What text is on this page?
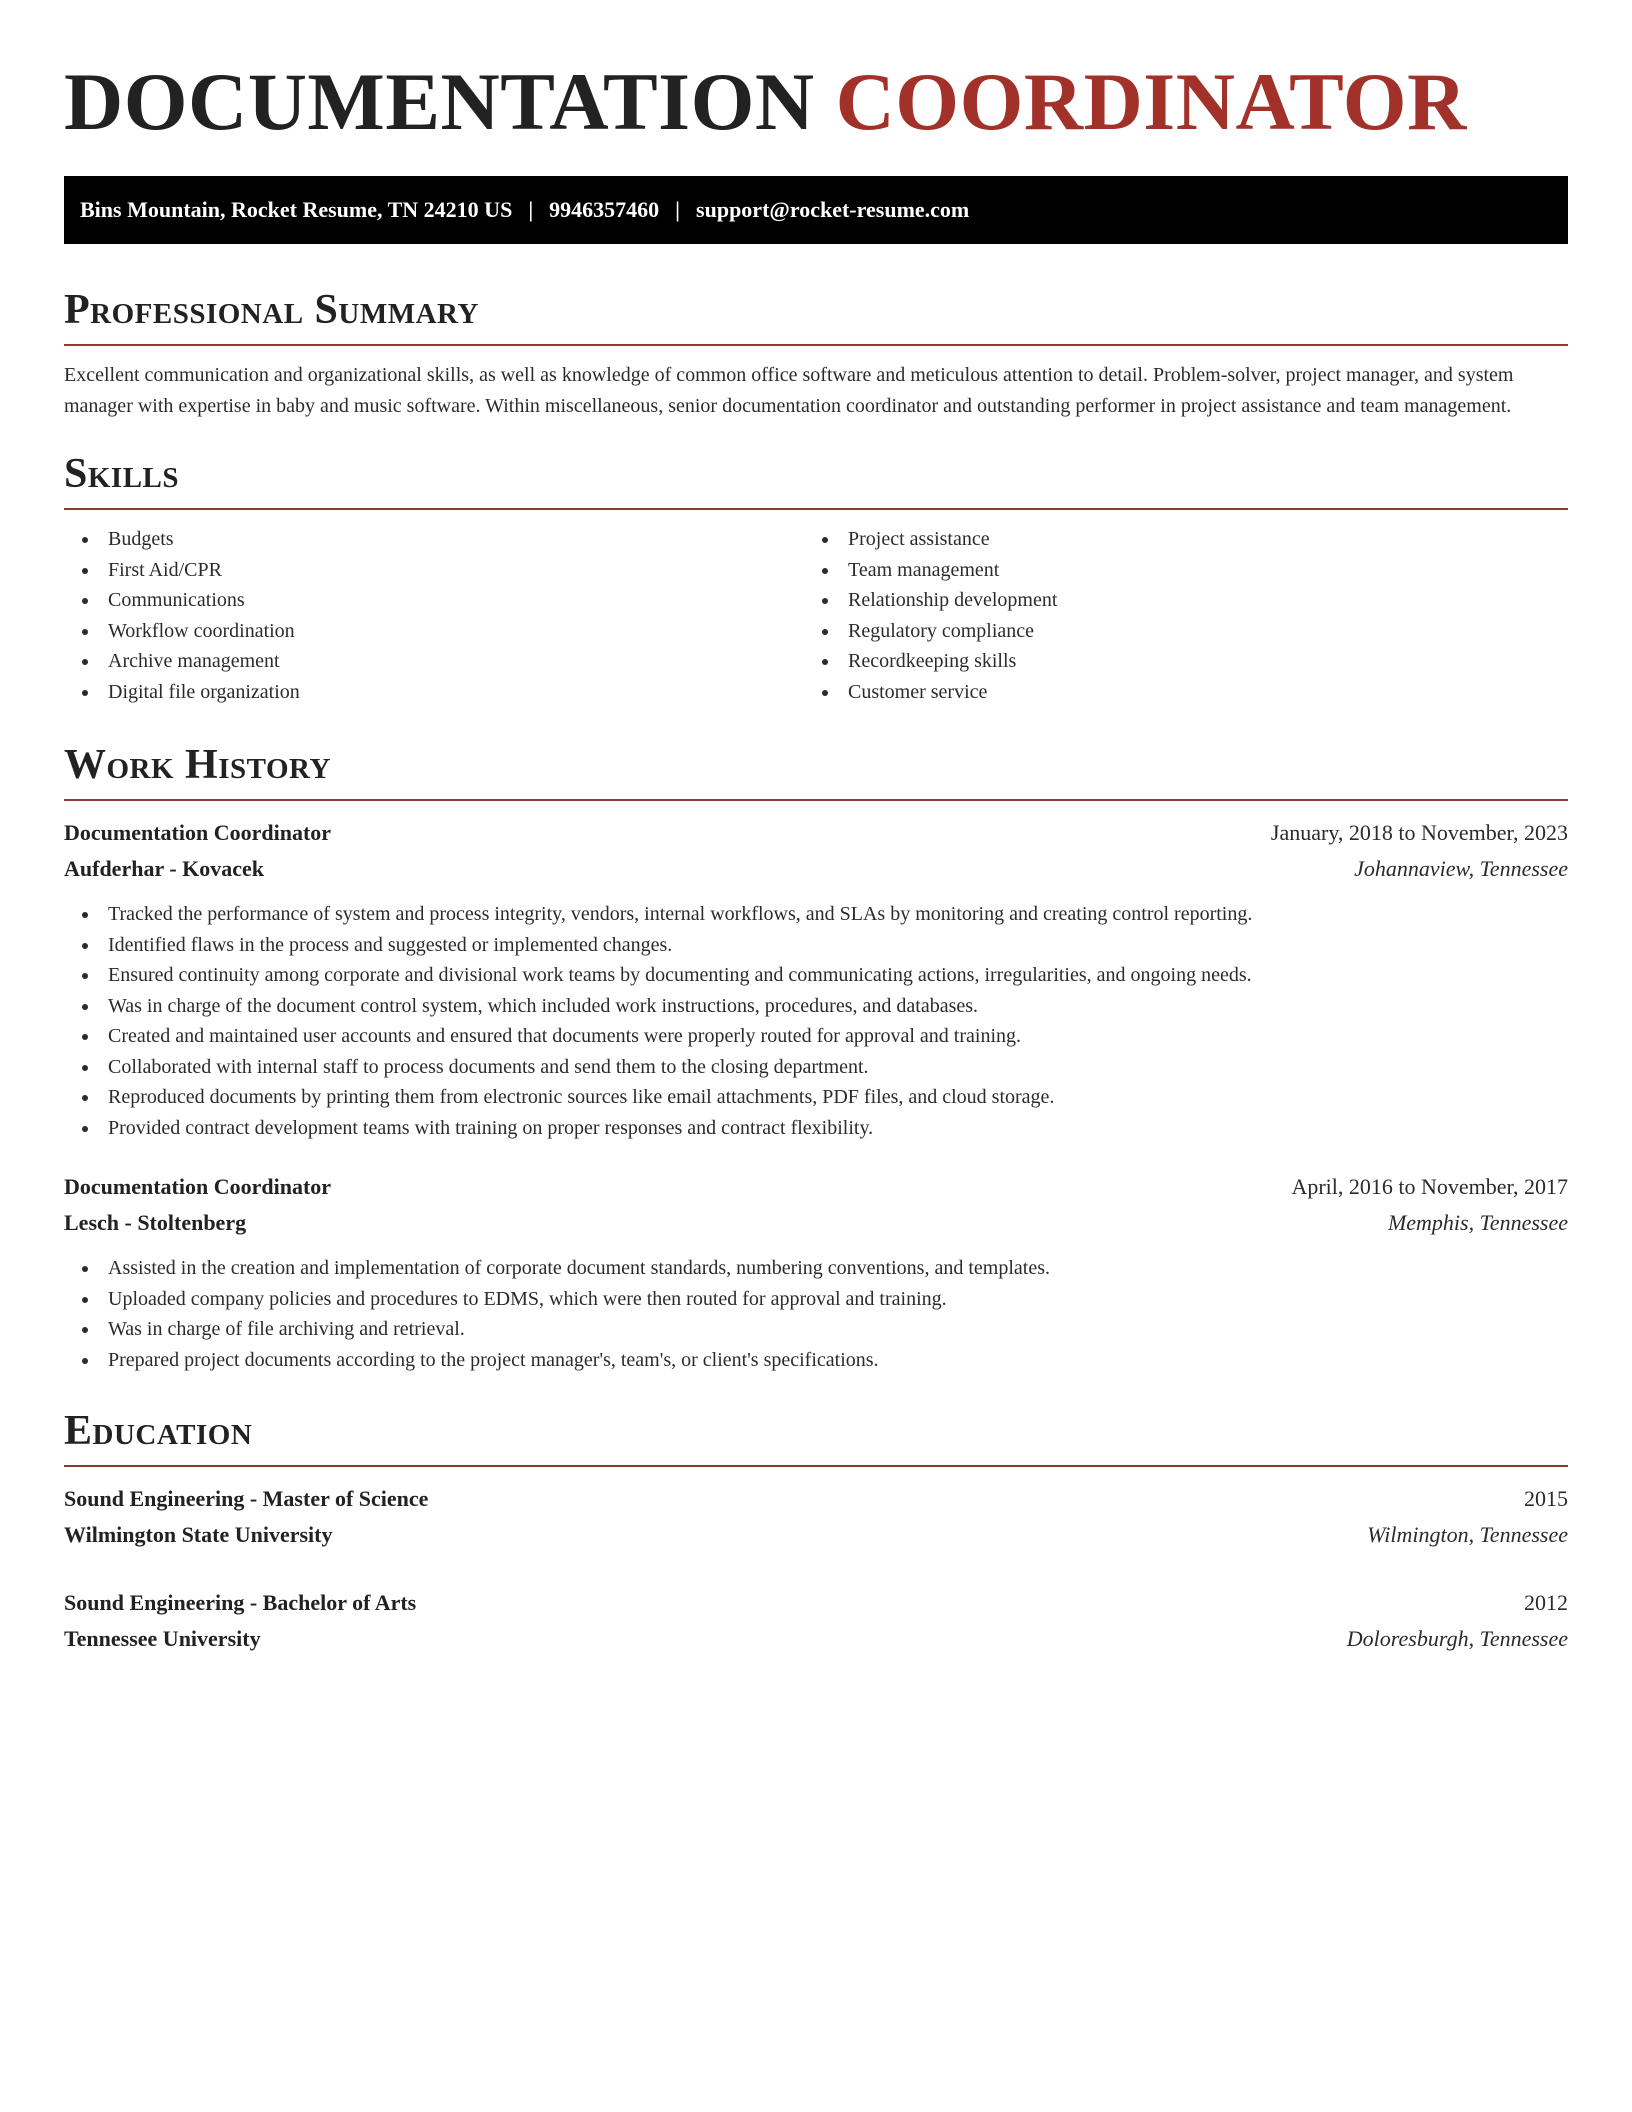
DOCUMENTATION COORDINATOR
Bins Mountain, Rocket Resume, TN 24210 US | 9946357460 | support@rocket-resume.com
Professional Summary

Excellent communication and organizational skills, as well as knowledge of common office software and meticulous attention to detail. Problem-solver, project manager, and system manager with expertise in baby and music software. Within miscellaneous, senior documentation coordinator and outstanding performer in project assistance and team management.

Skills
Budgets
First Aid/CPR
Communications
Workflow coordination
Archive management
Digital file organization
Project assistance
Team management
Relationship development
Regulatory compliance
Recordkeeping skills
Customer service
Work History
Documentation Coordinator	January, 2018 to November, 2023
Aufderhar - Kovacek	Johannaview, Tennessee
Tracked the performance of system and process integrity, vendors, internal workflows, and SLAs by monitoring and creating control reporting.
Identified flaws in the process and suggested or implemented changes.
Ensured continuity among corporate and divisional work teams by documenting and communicating actions, irregularities, and ongoing needs.
Was in charge of the document control system, which included work instructions, procedures, and databases.
Created and maintained user accounts and ensured that documents were properly routed for approval and training.
Collaborated with internal staff to process documents and send them to the closing department.
Reproduced documents by printing them from electronic sources like email attachments, PDF files, and cloud storage.
Provided contract development teams with training on proper responses and contract flexibility.
Documentation Coordinator	April, 2016 to November, 2017
Lesch - Stoltenberg	Memphis, Tennessee
Assisted in the creation and implementation of corporate document standards, numbering conventions, and templates.
Uploaded company policies and procedures to EDMS, which were then routed for approval and training.
Was in charge of file archiving and retrieval.
Prepared project documents according to the project manager's, team's, or client's specifications.
Education
Sound Engineering - Master of Science	2015
Wilmington State University	Wilmington, Tennessee
Sound Engineering - Bachelor of Arts	2012
Tennessee University	Doloresburgh, Tennessee
